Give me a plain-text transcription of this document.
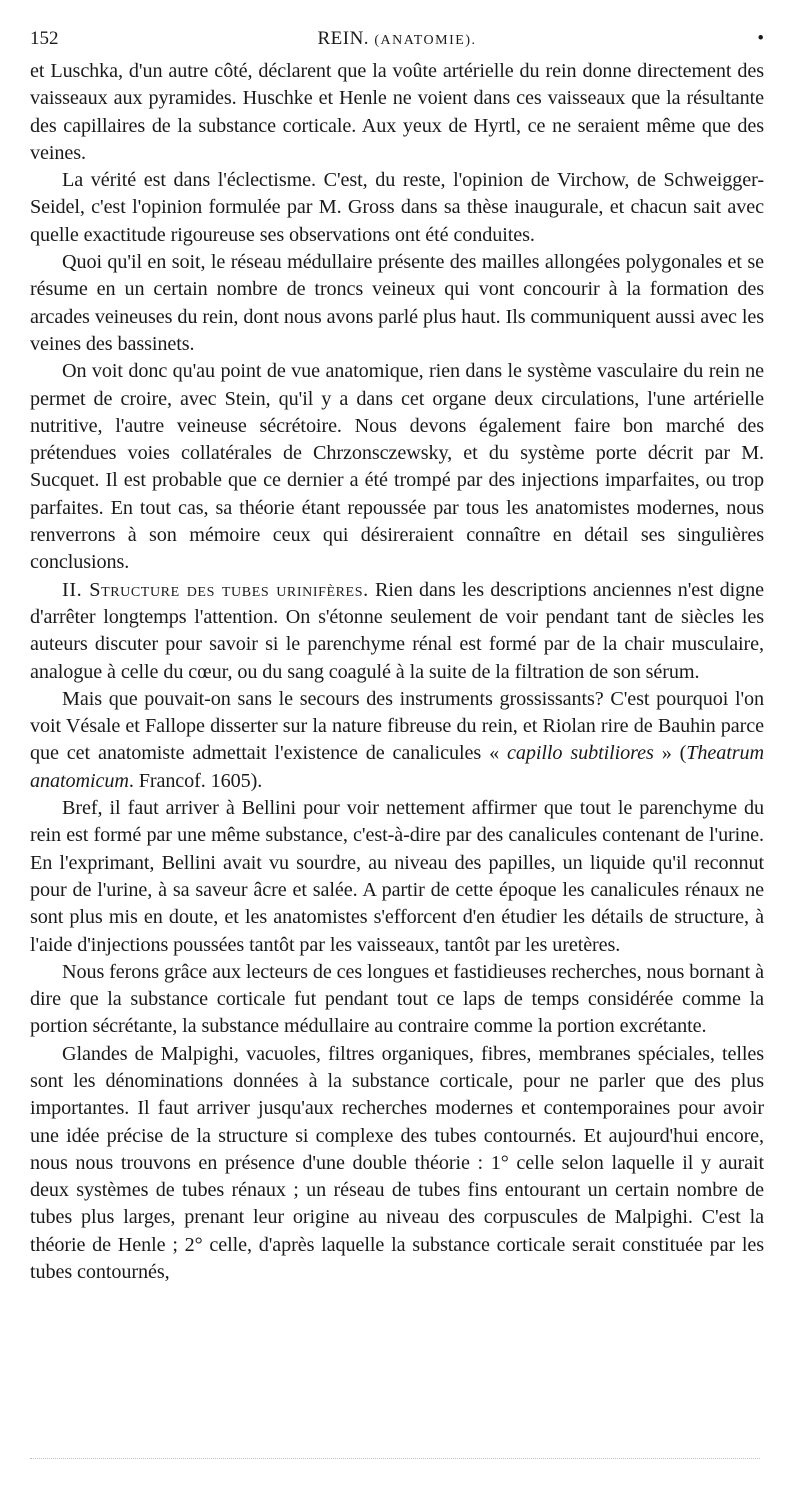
152	REIN. (ANATOMIE).	•

et Luschka, d'un autre côté, déclarent que la voûte artérielle du rein donne directement des vaisseaux aux pyramides. Huschke et Henle ne voient dans ces vaisseaux que la résultante des capillaires de la substance corticale. Aux yeux de Hyrtl, ce ne seraient même que des veines.

La vérité est dans l'éclectisme. C'est, du reste, l'opinion de Virchow, de Schweigger-Seidel, c'est l'opinion formulée par M. Gross dans sa thèse inaugurale, et chacun sait avec quelle exactitude rigoureuse ses observations ont été conduites.

Quoi qu'il en soit, le réseau médullaire présente des mailles allongées polygonales et se résume en un certain nombre de troncs veineux qui vont concourir à la formation des arcades veineuses du rein, dont nous avons parlé plus haut. Ils communiquent aussi avec les veines des bassinets.

On voit donc qu'au point de vue anatomique, rien dans le système vasculaire du rein ne permet de croire, avec Stein, qu'il y a dans cet organe deux circulations, l'une artérielle nutritive, l'autre veineuse sécrétoire. Nous devons également faire bon marché des prétendues voies collatérales de Chrzonsczewsky, et du système porte décrit par M. Sucquet. Il est probable que ce dernier a été trompé par des injections imparfaites, ou trop parfaites. En tout cas, sa théorie étant repoussée par tous les anatomistes modernes, nous renverrons à son mémoire ceux qui désireraient connaître en détail ses singulières conclusions.

II. Structure des tubes urinifères. Rien dans les descriptions anciennes n'est digne d'arrêter longtemps l'attention. On s'étonne seulement de voir pendant tant de siècles les auteurs discuter pour savoir si le parenchyme rénal est formé par de la chair musculaire, analogue à celle du cœur, ou du sang coagulé à la suite de la filtration de son sérum.

Mais que pouvait-on sans le secours des instruments grossissants? C'est pourquoi l'on voit Vésale et Fallope disserter sur la nature fibreuse du rein, et Riolan rire de Bauhin parce que cet anatomiste admettait l'existence de canalicules « capillo subtiliores » (Theatrum anatomicum. Francof. 1605).

Bref, il faut arriver à Bellini pour voir nettement affirmer que tout le parenchyme du rein est formé par une même substance, c'est-à-dire par des canalicules contenant de l'urine. En l'exprimant, Bellini avait vu sourdre, au niveau des papilles, un liquide qu'il reconnut pour de l'urine, à sa saveur âcre et salée. A partir de cette époque les canalicules rénaux ne sont plus mis en doute, et les anatomistes s'efforcent d'en étudier les détails de structure, à l'aide d'injections poussées tantôt par les vaisseaux, tantôt par les uretères.

Nous ferons grâce aux lecteurs de ces longues et fastidieuses recherches, nous bornant à dire que la substance corticale fut pendant tout ce laps de temps considérée comme la portion sécrétante, la substance médullaire au contraire comme la portion excrétante.

Glandes de Malpighi, vacuoles, filtres organiques, fibres, membranes spéciales, telles sont les dénominations données à la substance corticale, pour ne parler que des plus importantes. Il faut arriver jusqu'aux recherches modernes et contemporaines pour avoir une idée précise de la structure si complexe des tubes contournés. Et aujourd'hui encore, nous nous trouvons en présence d'une double théorie : 1° celle selon laquelle il y aurait deux systèmes de tubes rénaux ; un réseau de tubes fins entourant un certain nombre de tubes plus larges, prenant leur origine au niveau des corpuscules de Malpighi. C'est la théorie de Henle ; 2° celle, d'après laquelle la substance corticale serait constituée par les tubes contournés,
